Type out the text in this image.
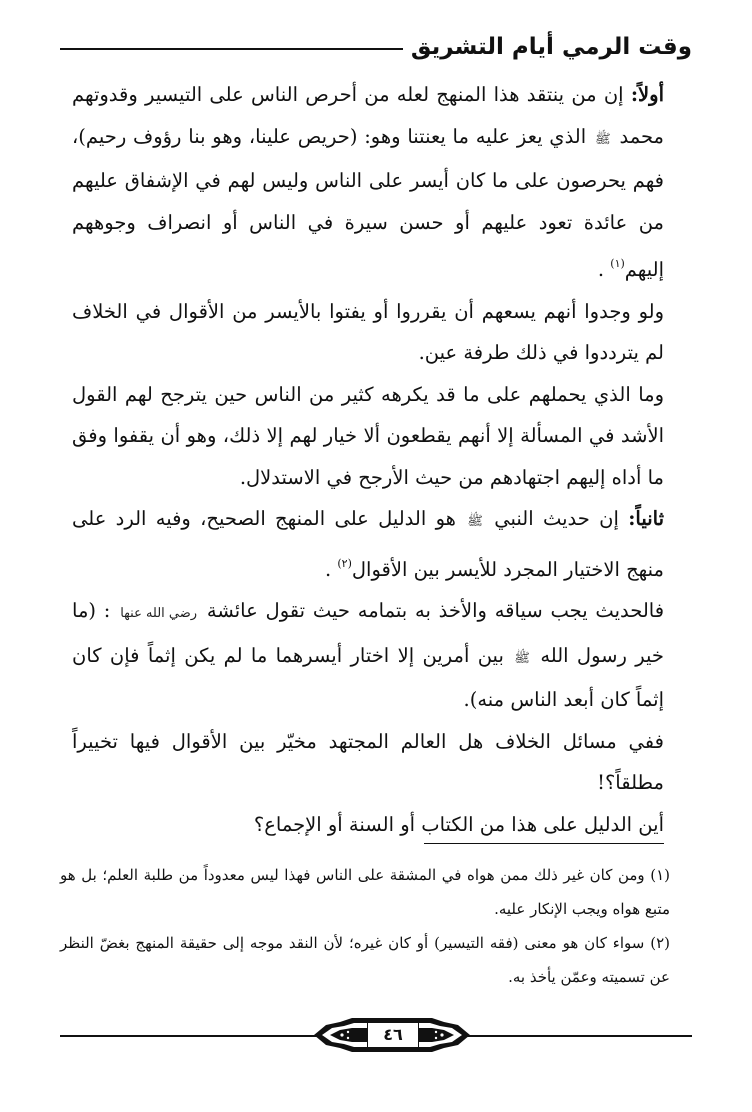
وقت الرمي أيام التشريق

أولاً: إن من ينتقد هذا المنهج لعله من أحرص الناس على التيسير وقدوتهم محمد ﷺ الذي يعز عليه ما يعنتنا وهو: (حريص علينا، وهو بنا رؤوف رحيم)، فهم يحرصون على ما كان أيسر على الناس وليس لهم في الإشفاق عليهم من عائدة تعود عليهم أو حسن سيرة في الناس أو انصراف وجوههم إليهم$^{(١)}$ .

ولو وجدوا أنهم يسعهم أن يقرروا أو يفتوا بالأيسر من الأقوال في الخلاف لم يترددوا في ذلك طرفة عين.

وما الذي يحملهم على ما قد يكرهه كثير من الناس حين يترجح لهم القول الأشد في المسألة إلا أنهم يقطعون ألا خيار لهم إلا ذلك، وهو أن يقفوا وفق ما أداه إليهم اجتهادهم من حيث الأرجح في الاستدلال.

ثانياً: إن حديث النبي ﷺ هو الدليل على المنهج الصحيح، وفيه الرد على منهج الاختيار المجرد للأيسر بين الأقوال$^{(٢)}$ .

فالحديث يجب سياقه والأخذ به بتمامه حيث تقول عائشة رضي الله عنها : (ما خير رسول الله ﷺ بين أمرين إلا اختار أيسرهما ما لم يكن إثماً فإن كان إثماً كان أبعد الناس منه).

ففي مسائل الخلاف هل العالم المجتهد مخيّر بين الأقوال فيها تخييراً مطلقاً؟!

أين الدليل على هذا من الكتاب أو السنة أو الإجماع؟

(١) ومن كان غير ذلك ممن هواه في المشقة على الناس فهذا ليس معدوداً من طلبة العلم؛ بل هو متبع هواه ويجب الإنكار عليه.

(٢) سواء كان هو معنى (فقه التيسير) أو كان غيره؛ لأن النقد موجه إلى حقيقة المنهج بغضّ النظر عن تسميته وعمّن يأخذ به.

٤٦
